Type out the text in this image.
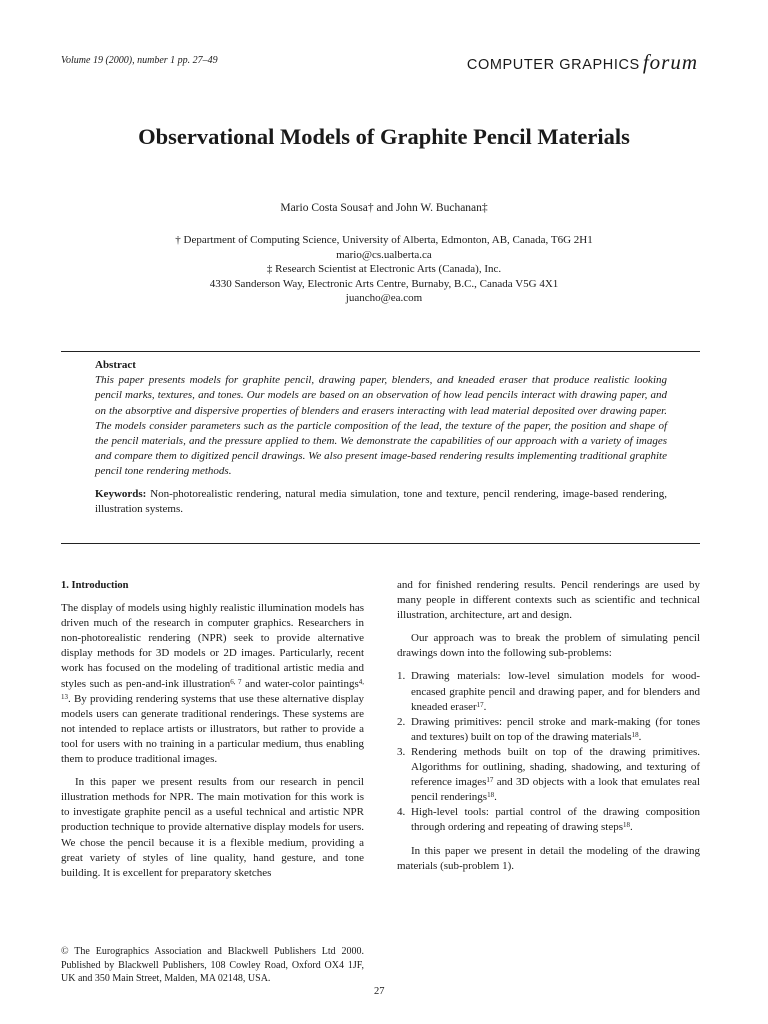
Volume 19 (2000), number 1 pp. 27–49	COMPUTER GRAPHICS forum
Observational Models of Graphite Pencil Materials
Mario Costa Sousa† and John W. Buchanan‡
† Department of Computing Science, University of Alberta, Edmonton, AB, Canada, T6G 2H1
mario@cs.ualberta.ca
‡ Research Scientist at Electronic Arts (Canada), Inc.
4330 Sanderson Way, Electronic Arts Centre, Burnaby, B.C., Canada V5G 4X1
juancho@ea.com
Abstract
This paper presents models for graphite pencil, drawing paper, blenders, and kneaded eraser that produce realistic looking pencil marks, textures, and tones. Our models are based on an observation of how lead pencils interact with drawing paper, and on the absorptive and dispersive properties of blenders and erasers interacting with lead material deposited over drawing paper. The models consider parameters such as the particle composition of the lead, the texture of the paper, the position and shape of the pencil materials, and the pressure applied to them. We demonstrate the capabilities of our approach with a variety of images and compare them to digitized pencil drawings. We also present image-based rendering results implementing traditional graphite pencil tone rendering methods.
Keywords: Non-photorealistic rendering, natural media simulation, tone and texture, pencil rendering, image-based rendering, illustration systems.

1. Introduction

The display of models using highly realistic illumination models has driven much of the research in computer graphics. Researchers in non-photorealistic rendering (NPR) seek to provide alternative display methods for 3D models or 2D images. Particularly, recent work has focused on the modeling of traditional artistic media and styles such as pen-and-ink illustration$^{6, 7}$ and water-color paintings$^{4, 13}$. By providing rendering systems that use these alternative display models users can generate traditional renderings. These systems are not intended to replace artists or illustrators, but rather to provide a tool for users with no training in a particular medium, thus enabling them to produce traditional images.

In this paper we present results from our research in pencil illustration methods for NPR. The main motivation for this work is to investigate graphite pencil as a useful technical and artistic NPR production technique to provide alternative display models for users. We chose the pencil because it is a flexible medium, providing a great variety of styles of line quality, hand gesture, and tone building. It is excellent for preparatory sketches

and for finished rendering results. Pencil renderings are used by many people in different contexts such as scientific and technical illustration, architecture, art and design.

Our approach was to break the problem of simulating pencil drawings down into the following sub-problems:

1. Drawing materials: low-level simulation models for wood-encased graphite pencil and drawing paper, and for blenders and kneaded eraser$^{17}$.
2. Drawing primitives: pencil stroke and mark-making (for tones and textures) built on top of the drawing materials$^{18}$.
3. Rendering methods built on top of the drawing primitives. Algorithms for outlining, shading, shadowing, and texturing of reference images$^{17}$ and 3D objects with a look that emulates real pencil renderings$^{18}$.
4. High-level tools: partial control of the drawing composition through ordering and repeating of drawing steps$^{18}$.

In this paper we present in detail the modeling of the drawing materials (sub-problem 1).

© The Eurographics Association and Blackwell Publishers Ltd 2000. Published by Blackwell Publishers, 108 Cowley Road, Oxford OX4 1JF, UK and 350 Main Street, Malden, MA 02148, USA.
27
